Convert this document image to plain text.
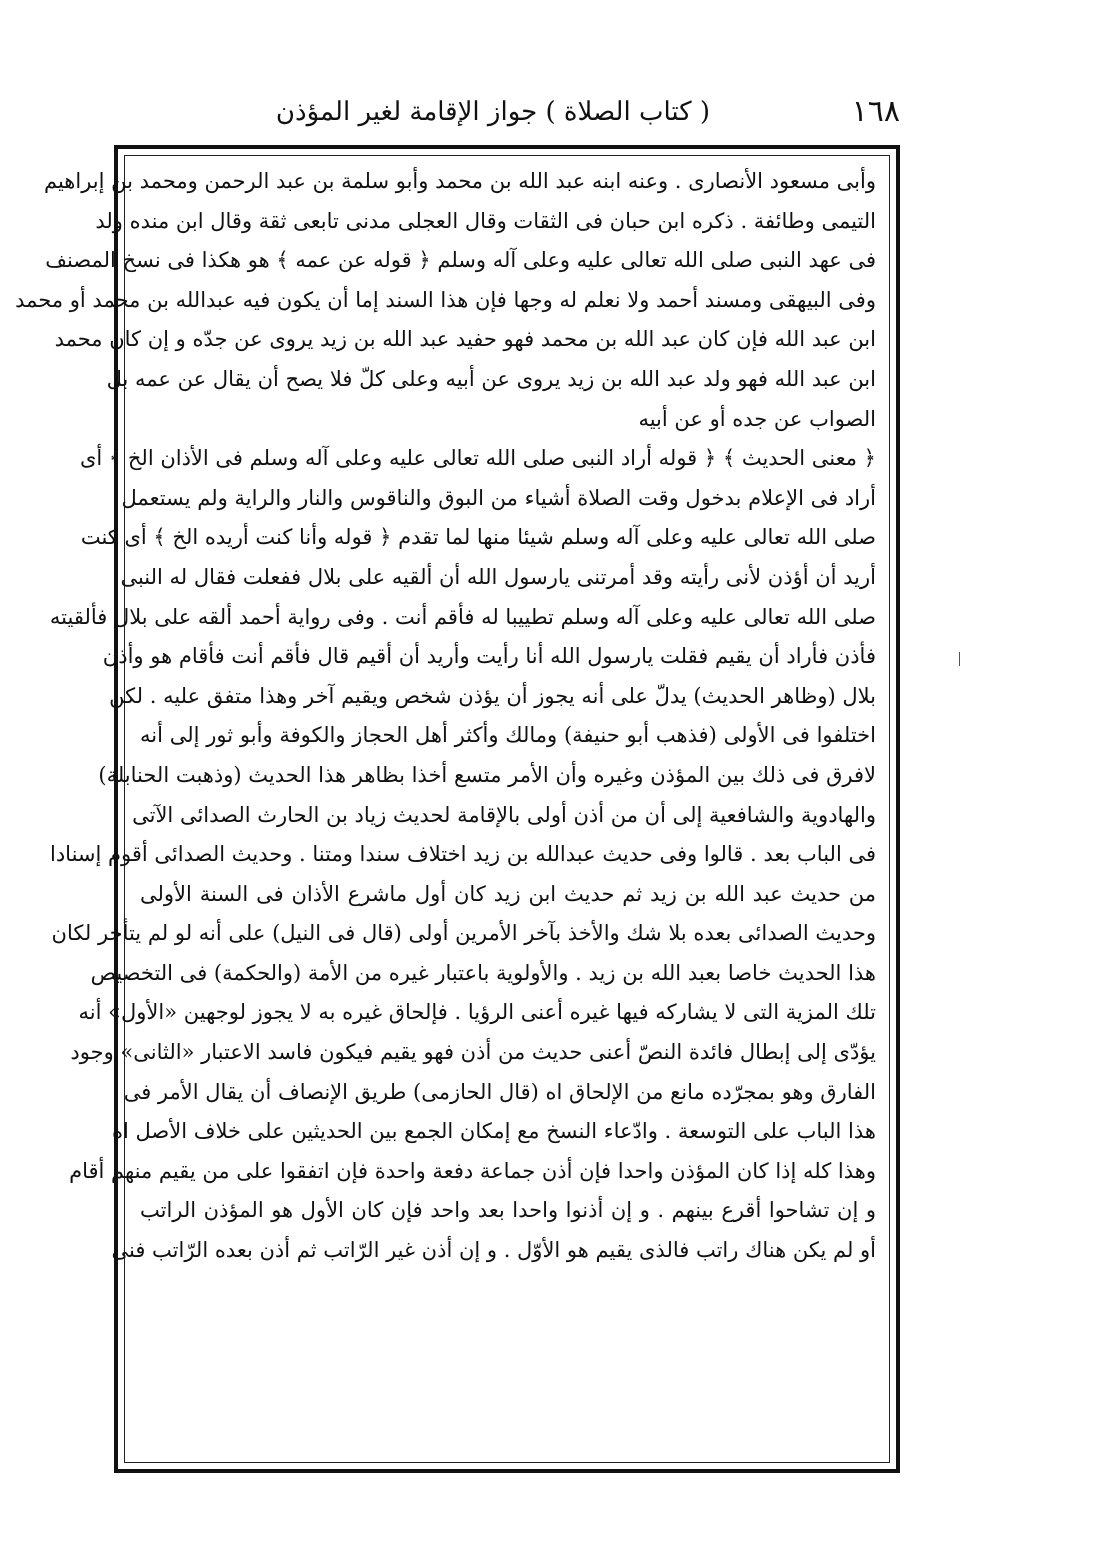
١٦٨
( كتاب الصلاة ) جواز الإقامة لغير المؤذن
وأبى مسعود الأنصارى . وعنه ابنه عبد الله بن محمد وأبو سلمة بن عبد الرحمن ومحمد بن إبراهيم
التيمى وطائفة . ذكره ابن حبان فى الثقات وقال العجلى مدنى تابعى ثقة وقال ابن منده ولد
فى عهد النبى صلى الله تعالى عليه وعلى آله وسلم ﴿ قوله عن عمه ﴾ هو هكذا فى نسخ المصنف
وفى البيهقى ومسند أحمد ولا نعلم له وجها فإن هذا السند إما أن يكون فيه عبدالله بن محمد أو محمد
ابن عبد الله فإن كان عبد الله بن محمد فهو حفيد عبد الله بن زيد يروى عن جدّه و إن كان محمد
ابن عبد الله فهو ولد عبد الله بن زيد يروى عن أبيه وعلى كلّ فلا يصح أن يقال عن عمه بل
الصواب عن جده أو عن أبيه
﴿ معنى الحديث ﴾ ﴿ قوله أراد النبى صلى الله تعالى عليه وعلى آله وسلم فى الأذان الخ ﴾ أى
أراد فى الإعلام بدخول وقت الصلاة أشياء من البوق والناقوس والنار والراية ولم يستعمل
صلى الله تعالى عليه وعلى آله وسلم شيئا منها لما تقدم ﴿ قوله وأنا كنت أريده الخ ﴾ أى كنت
أريد أن أؤذن لأنى رأيته وقد أمرتنى يارسول الله أن ألقيه على بلال ففعلت فقال له النبى
صلى الله تعالى عليه وعلى آله وسلم تطييبا له فأقم أنت . وفى رواية أحمد ألقه على بلال فألقيته
فأذن فأراد أن يقيم فقلت يارسول الله أنا رأيت وأريد أن أقيم قال فأقم أنت فأقام هو وأذن
بلال (وظاهر الحديث) يدلّ على أنه يجوز أن يؤذن شخص ويقيم آخر وهذا متفق عليه . لكن
اختلفوا فى الأولى (فذهب أبو حنيفة) ومالك وأكثر أهل الحجاز والكوفة وأبو ثور إلى أنه
لافرق فى ذلك بين المؤذن وغيره وأن الأمر متسع أخذا بظاهر هذا الحديث (وذهبت الحنابلة)
والهادوية والشافعية إلى أن من أذن أولى بالإقامة لحديث زياد بن الحارث الصدائى الآتى
فى الباب بعد . قالوا وفى حديث عبدالله بن زيد اختلاف سندا ومتنا . وحديث الصدائى أقوم إسنادا
من حديث عبد الله بن زيد ثم حديث ابن زيد كان أول ماشرع الأذان فى السنة الأولى
وحديث الصدائى بعده بلا شك والأخذ بآخر الأمرين أولى (قال فى النيل) على أنه لو لم يتأخر لكان
هذا الحديث خاصا بعبد الله بن زيد . والأولوية باعتبار غيره من الأمة (والحكمة) فى التخصيص
تلك المزية التى لا يشاركه فيها غيره أعنى الرؤيا . فإلحاق غيره به لا يجوز لوجهين «الأول» أنه
يؤدّى إلى إبطال فائدة النصّ أعنى حديث من أذن فهو يقيم فيكون فاسد الاعتبار «الثانى» وجود
الفارق وهو بمجرّده مانع من الإلحاق اه (قال الحازمى) طريق الإنصاف أن يقال الأمر فى
هذا الباب على التوسعة . وادّعاء النسخ مع إمكان الجمع بين الحديثين على خلاف الأصل اه
وهذا كله إذا كان المؤذن واحدا فإن أذن جماعة دفعة واحدة فإن اتفقوا على من يقيم منهم أقام
و إن تشاحوا أقرع بينهم . و إن أذنوا واحدا بعد واحد فإن كان الأول هو المؤذن الراتب
أو لم يكن هناك راتب فالذى يقيم هو الأوّل . و إن أذن غير الرّاتب ثم أذن بعده الرّاتب فنى
